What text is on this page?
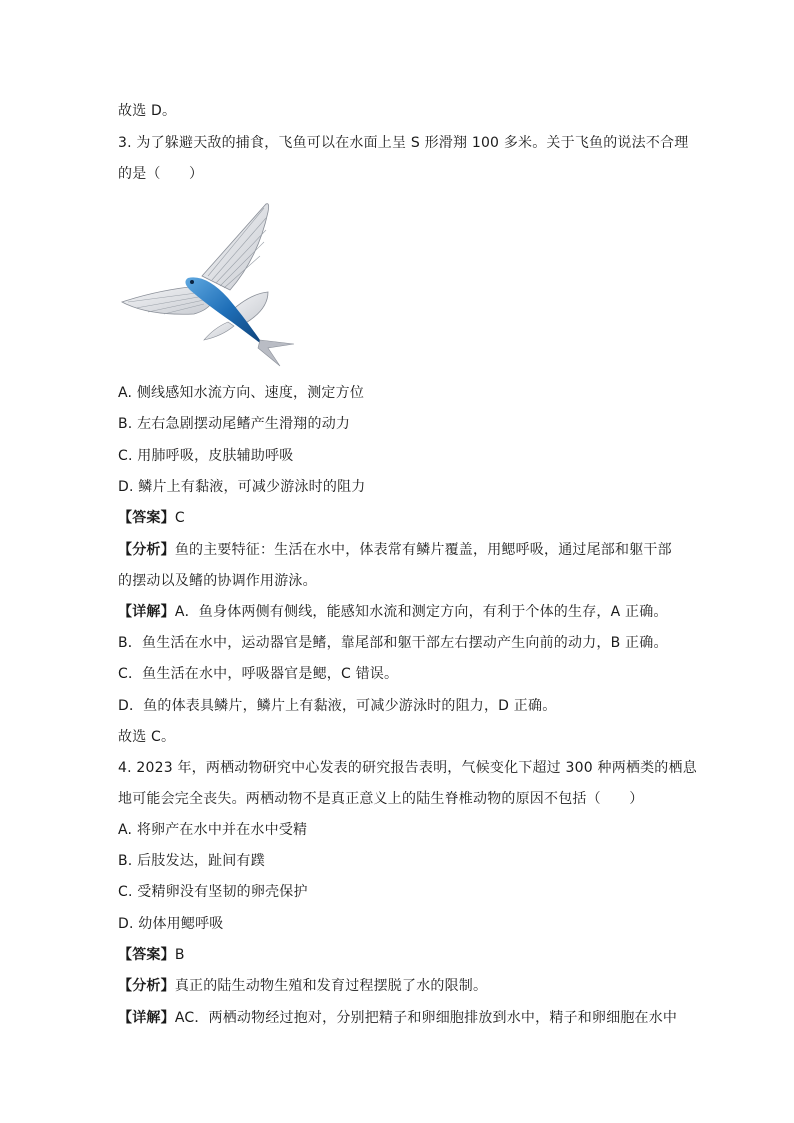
故选 D。
3. 为了躲避天敌的捕食，飞鱼可以在水面上呈 S 形滑翔 100 多米。关于飞鱼的说法不合理
的是（　　）
A. 侧线感知水流方向、速度，测定方位
B. 左右急剧摆动尾鳍产生滑翔的动力
C. 用肺呼吸，皮肤辅助呼吸
D. 鳞片上有黏液，可减少游泳时的阻力
【答案】C
【分析】鱼的主要特征：生活在水中，体表常有鳞片覆盖，用鳃呼吸，通过尾部和躯干部
的摆动以及鳍的协调作用游泳。
【详解】A．鱼身体两侧有侧线，能感知水流和测定方向，有利于个体的生存，A 正确。
B．鱼生活在水中，运动器官是鳍，靠尾部和躯干部左右摆动产生向前的动力，B 正确。
C．鱼生活在水中，呼吸器官是鳃，C 错误。
D．鱼的体表具鳞片，鳞片上有黏液，可减少游泳时的阻力，D 正确。
故选 C。
4. 2023 年，两栖动物研究中心发表的研究报告表明，气候变化下超过 300 种两栖类的栖息
地可能会完全丧失。两栖动物不是真正意义上的陆生脊椎动物的原因不包括（　　）
A. 将卵产在水中并在水中受精
B. 后肢发达，趾间有蹼
C. 受精卵没有坚韧的卵壳保护
D. 幼体用鳃呼吸
【答案】B
【分析】真正的陆生动物生殖和发育过程摆脱了水的限制。
【详解】AC．两栖动物经过抱对，分别把精子和卵细胞排放到水中，精子和卵细胞在水中
